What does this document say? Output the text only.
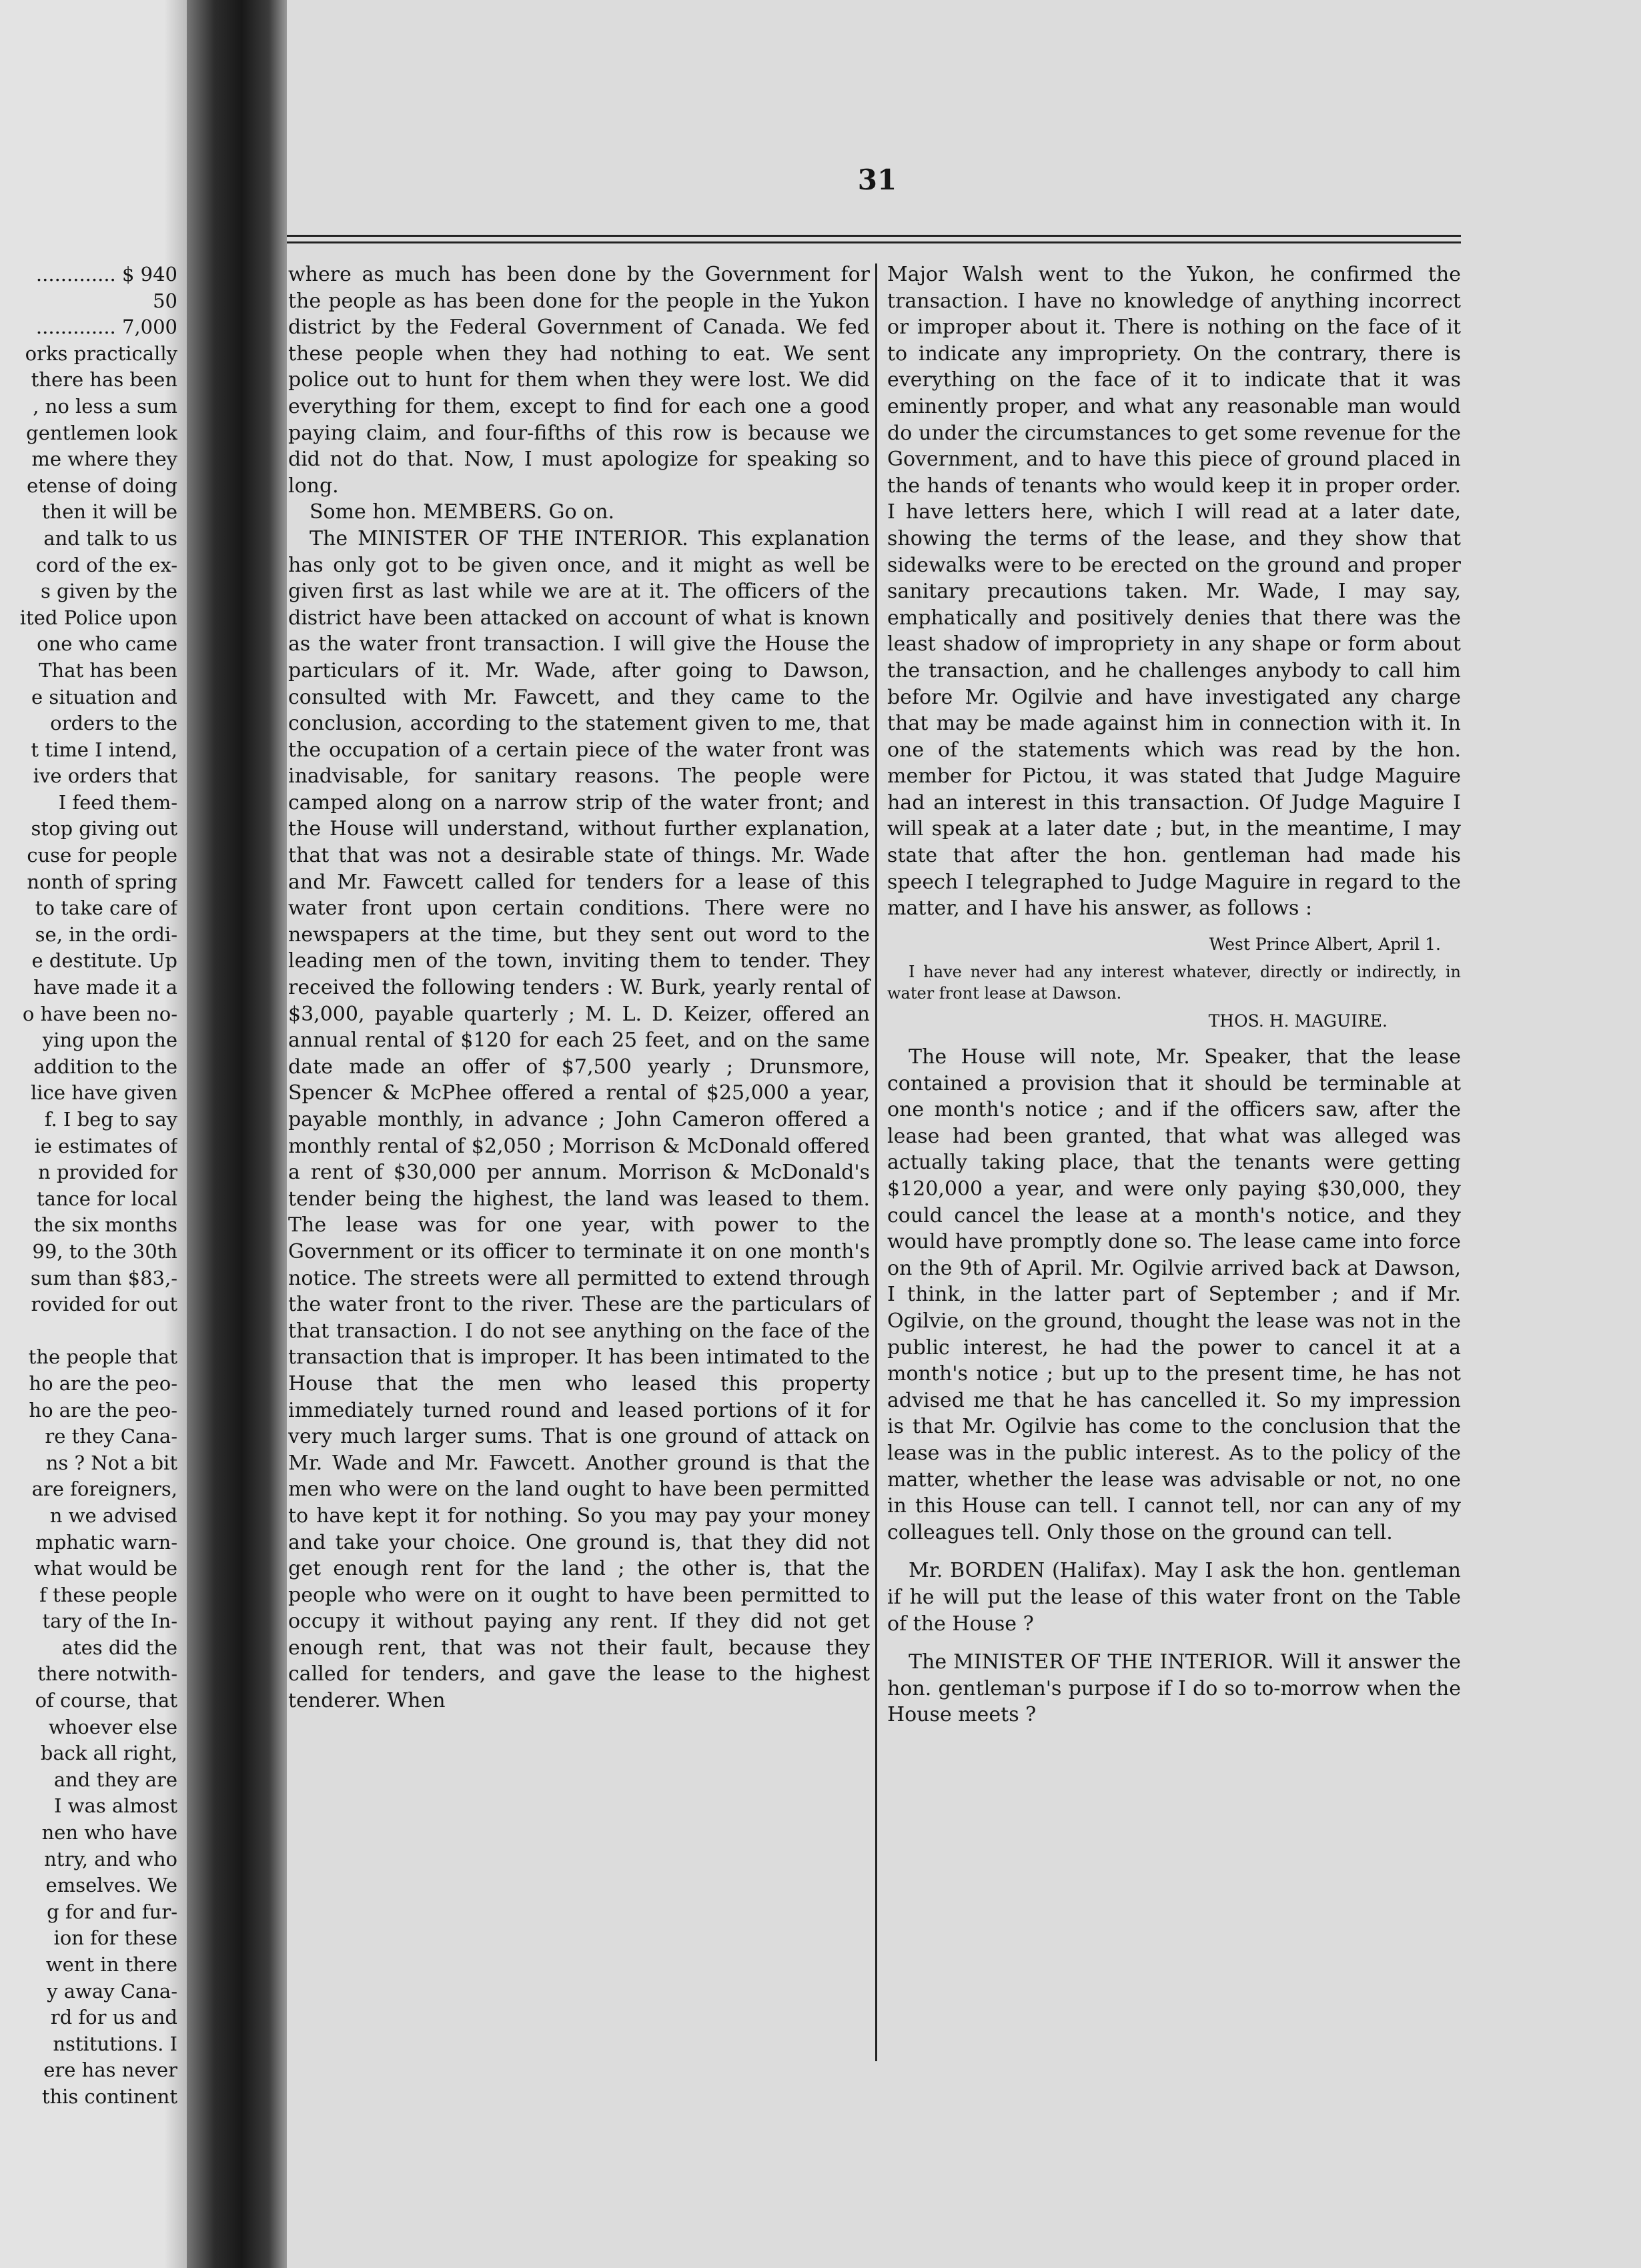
31

............. $ 940
50
............. 7,000
orks practically
there has been
, no less a sum
gentlemen look
me where they
etense of doing
then it will be
and talk to us
cord of the ex-
s given by the
ited Police upon
one who came
That has been
e situation and
orders to the
t time I intend,
ive orders that
I feed them-
stop giving out
cuse for people
nonth of spring
to take care of
se, in the ordi-
e destitute. Up
have made it a
o have been no-
ying upon the
addition to the
lice have given
f. I beg to say
ie estimates of
n provided for
tance for local
the six months
99, to the 30th
sum than $83,-
rovided for out

the people that
ho are the peo-
ho are the peo-
re they Cana-
ns ? Not a bit
are foreigners,
n we advised
mphatic warn-
what would be
f these people
tary of the In-
ates did the
there notwith-
of course, that
whoever else
back all right,
and they are
I was almost
nen who have
ntry, and who
emselves. We
g for and fur-
ion for these
went in there
y away Cana-
rd for us and
nstitutions. I
ere has never
this continent

where as much has been done by the Government for the people as has been done for the people in the Yukon district by the Federal Government of Canada. We fed these people when they had nothing to eat. We sent police out to hunt for them when they were lost. We did everything for them, except to find for each one a good paying claim, and four-fifths of this row is because we did not do that. Now, I must apologize for speaking so long.

Some hon. MEMBERS. Go on.

The MINISTER OF THE INTERIOR. This explanation has only got to be given once, and it might as well be given first as last while we are at it. The officers of the district have been attacked on account of what is known as the water front transaction. I will give the House the particulars of it. Mr. Wade, after going to Dawson, consulted with Mr. Fawcett, and they came to the conclusion, according to the statement given to me, that the occupation of a certain piece of the water front was inadvisable, for sanitary reasons. The people were camped along on a narrow strip of the water front; and the House will understand, without further explanation, that that was not a desirable state of things. Mr. Wade and Mr. Fawcett called for tenders for a lease of this water front upon certain conditions. There were no newspapers at the time, but they sent out word to the leading men of the town, inviting them to tender. They received the following tenders : W. Burk, yearly rental of $3,000, payable quarterly ; M. L. D. Keizer, offered an annual rental of $120 for each 25 feet, and on the same date made an offer of $7,500 yearly ; Drunsmore, Spencer & McPhee offered a rental of $25,000 a year, payable monthly, in advance ; John Cameron offered a monthly rental of $2,050 ; Morrison & McDonald offered a rent of $30,000 per annum. Morrison & McDonald's tender being the highest, the land was leased to them. The lease was for one year, with power to the Government or its officer to terminate it on one month's notice. The streets were all permitted to extend through the water front to the river. These are the particulars of that transaction. I do not see anything on the face of the transaction that is improper. It has been intimated to the House that the men who leased this property immediately turned round and leased portions of it for very much larger sums. That is one ground of attack on Mr. Wade and Mr. Fawcett. Another ground is that the men who were on the land ought to have been permitted to have kept it for nothing. So you may pay your money and take your choice. One ground is, that they did not get enough rent for the land ; the other is, that the people who were on it ought to have been permitted to occupy it without paying any rent. If they did not get enough rent, that was not their fault, because they called for tenders, and gave the lease to the highest tenderer. When

Major Walsh went to the Yukon, he confirmed the transaction. I have no knowledge of anything incorrect or improper about it. There is nothing on the face of it to indicate any impropriety. On the contrary, there is everything on the face of it to indicate that it was eminently proper, and what any reasonable man would do under the circumstances to get some revenue for the Government, and to have this piece of ground placed in the hands of tenants who would keep it in proper order. I have letters here, which I will read at a later date, showing the terms of the lease, and they show that sidewalks were to be erected on the ground and proper sanitary precautions taken. Mr. Wade, I may say, emphatically and positively denies that there was the least shadow of impropriety in any shape or form about the transaction, and he challenges anybody to call him before Mr. Ogilvie and have investigated any charge that may be made against him in connection with it. In one of the statements which was read by the hon. member for Pictou, it was stated that Judge Maguire had an interest in this transaction. Of Judge Maguire I will speak at a later date ; but, in the meantime, I may state that after the hon. gentleman had made his speech I telegraphed to Judge Maguire in regard to the matter, and I have his answer, as follows :

West Prince Albert, April 1.

I have never had any interest whatever, directly or indirectly, in water front lease at Dawson.

THOS. H. MAGUIRE.

The House will note, Mr. Speaker, that the lease contained a provision that it should be terminable at one month's notice ; and if the officers saw, after the lease had been granted, that what was alleged was actually taking place, that the tenants were getting $120,000 a year, and were only paying $30,000, they could cancel the lease at a month's notice, and they would have promptly done so. The lease came into force on the 9th of April. Mr. Ogilvie arrived back at Dawson, I think, in the latter part of September ; and if Mr. Ogilvie, on the ground, thought the lease was not in the public interest, he had the power to cancel it at a month's notice ; but up to the present time, he has not advised me that he has cancelled it. So my impression is that Mr. Ogilvie has come to the conclusion that the lease was in the public interest. As to the policy of the matter, whether the lease was advisable or not, no one in this House can tell. I cannot tell, nor can any of my colleagues tell. Only those on the ground can tell.

Mr. BORDEN (Halifax). May I ask the hon. gentleman if he will put the lease of this water front on the Table of the House ?

The MINISTER OF THE INTERIOR. Will it answer the hon. gentleman's purpose if I do so to-morrow when the House meets ?
